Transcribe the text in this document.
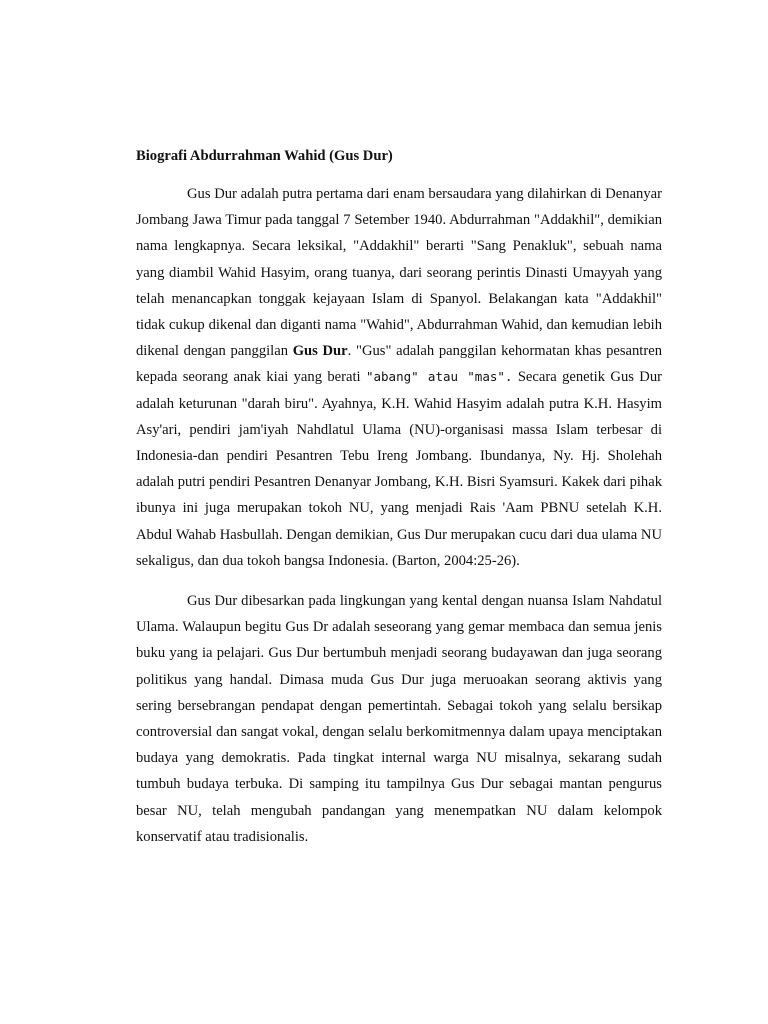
Biografi Abdurrahman Wahid (Gus Dur)

Gus Dur adalah putra pertama dari enam bersaudara yang dilahirkan di Denanyar Jombang Jawa Timur pada tanggal 7 Setember 1940. Abdurrahman "Addakhil", demikian nama lengkapnya. Secara leksikal, "Addakhil" berarti "Sang Penakluk", sebuah nama yang diambil Wahid Hasyim, orang tuanya, dari seorang perintis Dinasti Umayyah yang telah menancapkan tonggak kejayaan Islam di Spanyol. Belakangan kata "Addakhil" tidak cukup dikenal dan diganti nama "Wahid", Abdurrahman Wahid, dan kemudian lebih dikenal dengan panggilan Gus Dur. "Gus" adalah panggilan kehormatan khas pesantren kepada seorang anak kiai yang berati "abang" atau "mas". Secara genetik Gus Dur adalah keturunan "darah biru". Ayahnya, K.H. Wahid Hasyim adalah putra K.H. Hasyim Asy'ari, pendiri jam'iyah Nahdlatul Ulama (NU)-organisasi massa Islam terbesar di Indonesia-dan pendiri Pesantren Tebu Ireng Jombang. Ibundanya, Ny. Hj. Sholehah adalah putri pendiri Pesantren Denanyar Jombang, K.H. Bisri Syamsuri. Kakek dari pihak ibunya ini juga merupakan tokoh NU, yang menjadi Rais 'Aam PBNU setelah K.H. Abdul Wahab Hasbullah. Dengan demikian, Gus Dur merupakan cucu dari dua ulama NU sekaligus, dan dua tokoh bangsa Indonesia. (Barton, 2004:25-26).

Gus Dur dibesarkan pada lingkungan yang kental dengan nuansa Islam Nahdatul Ulama. Walaupun begitu Gus Dr adalah seseorang yang gemar membaca dan semua jenis buku yang ia pelajari. Gus Dur bertumbuh menjadi seorang budayawan dan juga seorang politikus yang handal. Dimasa muda Gus Dur juga meruoakan seorang aktivis yang sering bersebrangan pendapat dengan pemertintah. Sebagai tokoh yang selalu bersikap controversial dan sangat vokal, dengan selalu berkomitmennya dalam upaya menciptakan budaya yang demokratis. Pada tingkat internal warga NU misalnya, sekarang sudah tumbuh budaya terbuka. Di samping itu tampilnya Gus Dur sebagai mantan pengurus besar NU, telah mengubah pandangan yang menempatkan NU dalam kelompok konservatif atau tradisionalis.
